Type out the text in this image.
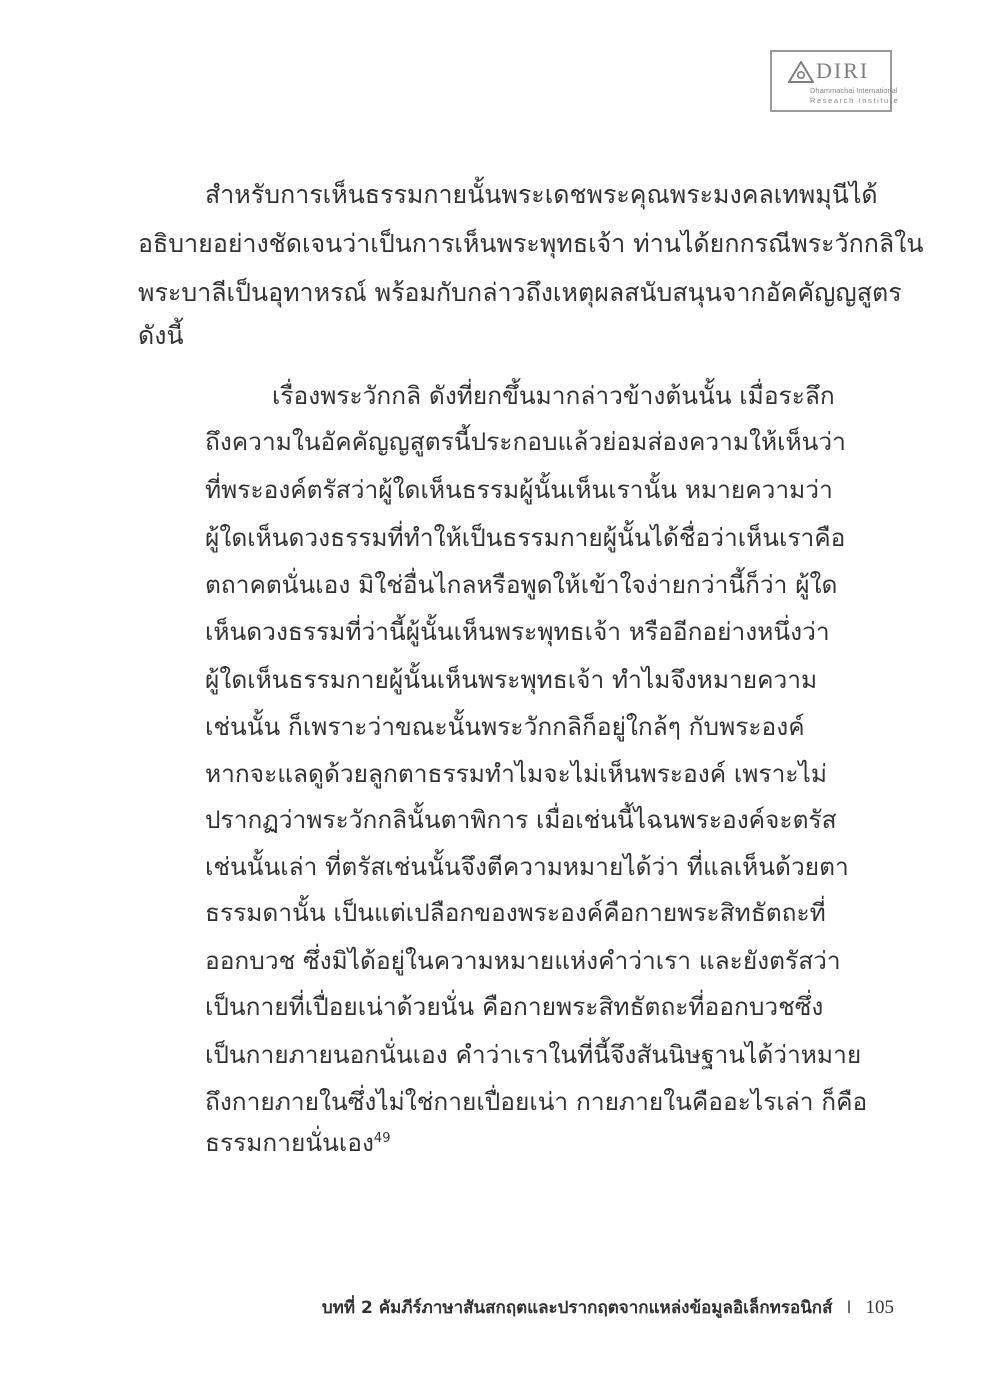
DIRI
Dhammachai International
Research Institute
สำหรับการเห็นธรรมกายนั้นพระเดชพระคุณพระมงคลเทพมุนีได้
อธิบายอย่างชัดเจนว่าเป็นการเห็นพระพุทธเจ้า ท่านได้ยกกรณีพระวักกลิใน
พระบาลีเป็นอุทาหรณ์ พร้อมกับกล่าวถึงเหตุผลสนับสนุนจากอัคคัญญสูตร
ดังนี้
เรื่องพระวักกลิ ดังที่ยกขึ้นมากล่าวข้างต้นนั้น เมื่อระลึก
ถึงความในอัคคัญญสูตรนี้ประกอบแล้วย่อมส่องความให้เห็นว่า
ที่พระองค์ตรัสว่าผู้ใดเห็นธรรมผู้นั้นเห็นเรานั้น หมายความว่า
ผู้ใดเห็นดวงธรรมที่ทำให้เป็นธรรมกายผู้นั้นได้ชื่อว่าเห็นเราคือ
ตถาคตนั่นเอง มิใช่อื่นไกลหรือพูดให้เข้าใจง่ายกว่านี้ก็ว่า ผู้ใด
เห็นดวงธรรมที่ว่านี้ผู้นั้นเห็นพระพุทธเจ้า หรืออีกอย่างหนึ่งว่า
ผู้ใดเห็นธรรมกายผู้นั้นเห็นพระพุทธเจ้า ทำไมจึงหมายความ
เช่นนั้น ก็เพราะว่าขณะนั้นพระวักกลิก็อยู่ใกล้ๆ กับพระองค์
หากจะแลดูด้วยลูกตาธรรมทำไมจะไม่เห็นพระองค์ เพราะไม่
ปรากฏว่าพระวักกลินั้นตาพิการ เมื่อเช่นนี้ไฉนพระองค์จะตรัส
เช่นนั้นเล่า ที่ตรัสเช่นนั้นจึงตีความหมายได้ว่า ที่แลเห็นด้วยตา
ธรรมดานั้น เป็นแต่เปลือกของพระองค์คือกายพระสิทธัตถะที่
ออกบวช ซึ่งมิได้อยู่ในความหมายแห่งคำว่าเรา และยังตรัสว่า
เป็นกายที่เปื่อยเน่าด้วยนั่น คือกายพระสิทธัตถะที่ออกบวชซึ่ง
เป็นกายภายนอกนั่นเอง คำว่าเราในที่นี้จึงสันนิษฐานได้ว่าหมาย
ถึงกายภายในซึ่งไม่ใช่กายเปื่อยเน่า กายภายในคืออะไรเล่า ก็คือ
ธรรมกายนั่นเอง$^{49}$
บทที่ 2 คัมภีร์ภาษาสันสกฤตและปรากฤตจากแหล่งข้อมูลอิเล็กทรอนิกส์ I 105
